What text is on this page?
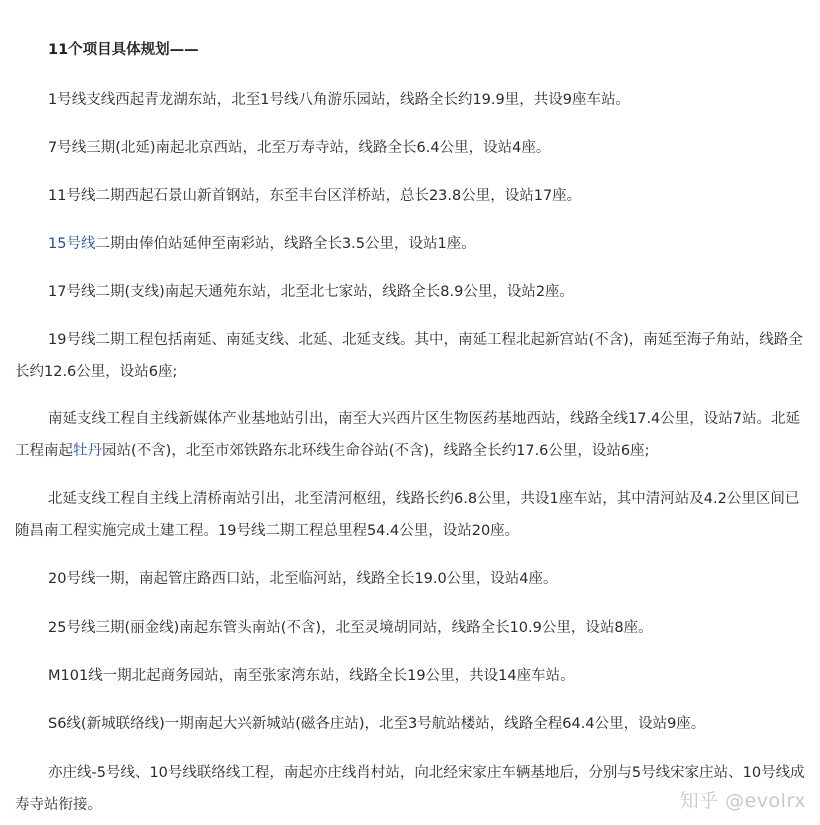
11个项目具体规划——

1号线支线西起青龙湖东站，北至1号线八角游乐园站，线路全长约19.9里，共设9座车站。

7号线三期(北延)南起北京西站，北至万寿寺站，线路全长6.4公里，设站4座。

11号线二期西起石景山新首钢站，东至丰台区洋桥站，总长23.8公里，设站17座。

15号线二期由俸伯站延伸至南彩站，线路全长3.5公里，设站1座。

17号线二期(支线)南起天通苑东站，北至北七家站，线路全长8.9公里，设站2座。

19号线二期工程包括南延、南延支线、北延、北延支线。其中，南延工程北起新宫站(不含)，南延至海子角站，线路全长约12.6公里，设站6座;

南延支线工程自主线新媒体产业基地站引出，南至大兴西片区生物医药基地西站，线路全线17.4公里，设站7站。北延工程南起牡丹园站(不含)，北至市郊铁路东北环线生命谷站(不含)，线路全长约17.6公里，设站6座;

北延支线工程自主线上清桥南站引出，北至清河枢纽，线路长约6.8公里，共设1座车站，其中清河站及4.2公里区间已随昌南工程实施完成土建工程。19号线二期工程总里程54.4公里，设站20座。

20号线一期，南起管庄路西口站，北至临河站，线路全长19.0公里，设站4座。

25号线三期(丽金线)南起东管头南站(不含)，北至灵境胡同站，线路全长10.9公里，设站8座。

M101线一期北起商务园站，南至张家湾东站，线路全长19公里，共设14座车站。

S6线(新城联络线)一期南起大兴新城站(磁各庄站)，北至3号航站楼站，线路全程64.4公里，设站9座。

亦庄线-5号线、10号线联络线工程，南起亦庄线肖村站，向北经宋家庄车辆基地后，分别与5号线宋家庄站、10号线成寿寺站衔接。	知乎 @evolrx
